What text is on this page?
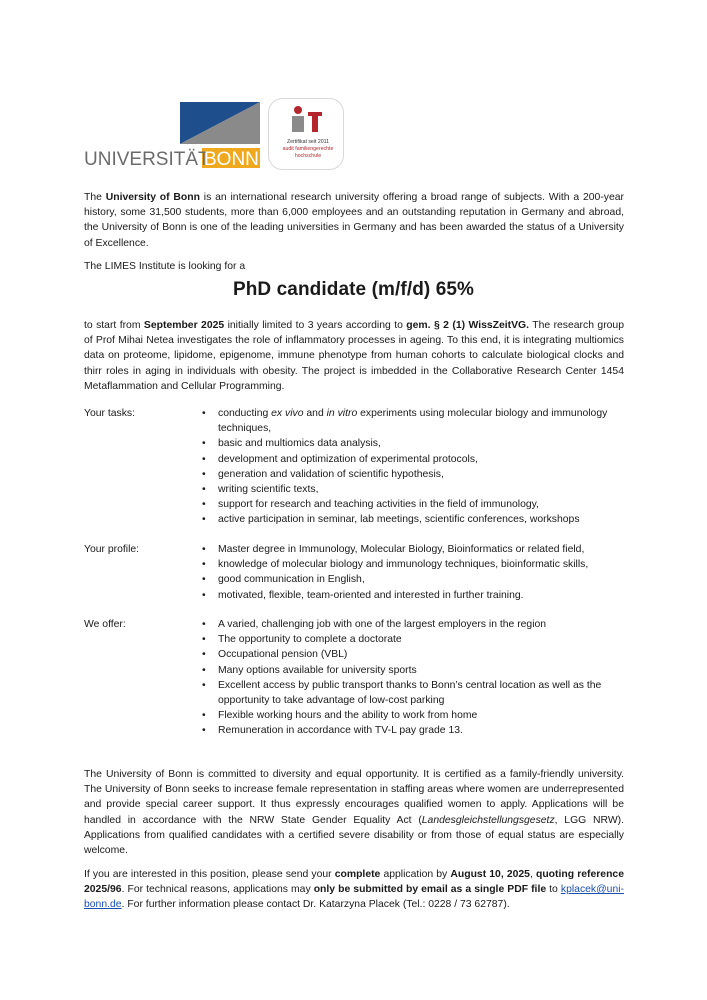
UNIVERSITÄT
BONN
Zertifikat seit 2011
audit familiengerechte
hochschule

The University of Bonn is an international research university offering a broad range of subjects. With a 200-year history, some 31,500 students, more than 6,000 employees and an outstanding reputation in Germany and abroad, the University of Bonn is one of the leading universities in Germany and has been awarded the status of a University of Excellence.

The LIMES Institute is looking for a

PhD candidate (m/f/d) 65%

to start from September 2025 initially limited to 3 years according to gem. § 2 (1) WissZeitVG. The research group of Prof Mihai Netea investigates the role of inflammatory processes in ageing. To this end, it is integrating multiomics data on proteome, lipidome, epigenome, immune phenotype from human cohorts to calculate biological clocks and thirr roles in aging in individuals with obesity. The project is imbedded in the Collaborative Research Center 1454 Metaflammation and Cellular Programming.

Your tasks:	• conducting ex vivo and in vitro experiments using molecular biology and immunology techniques,
• basic and multiomics data analysis,
• development and optimization of experimental protocols,
• generation and validation of scientific hypothesis,
• writing scientific texts,
• support for research and teaching activities in the field of immunology,
• active participation in seminar, lab meetings, scientific conferences, workshops
Your profile:	• Master degree in Immunology, Molecular Biology, Bioinformatics or related field,
• knowledge of molecular biology and immunology techniques, bioinformatic skills,
• good communication in English,
• motivated, flexible, team-oriented and interested in further training.
We offer:	• A varied, challenging job with one of the largest employers in the region
• The opportunity to complete a doctorate
• Occupational pension (VBL)
• Many options available for university sports
• Excellent access by public transport thanks to Bonn’s central location as well as the opportunity to take advantage of low-cost parking
• Flexible working hours and the ability to work from home
• Remuneration in accordance with TV-L pay grade 13.

The University of Bonn is committed to diversity and equal opportunity. It is certified as a family-friendly university. The University of Bonn seeks to increase female representation in staffing areas where women are underrepresented and provide special career support. It thus expressly encourages qualified women to apply. Applications will be handled in accordance with the NRW State Gender Equality Act (Landesgleichstellungsgesetz, LGG NRW). Applications from qualified candidates with a certified severe disability or from those of equal status are especially welcome.

If you are interested in this position, please send your complete application by August 10, 2025, quoting reference 2025/96. For technical reasons, applications may only be submitted by email as a single PDF file to kplacek@uni-bonn.de. For further information please contact Dr. Katarzyna Placek (Tel.: 0228 / 73 62787).
